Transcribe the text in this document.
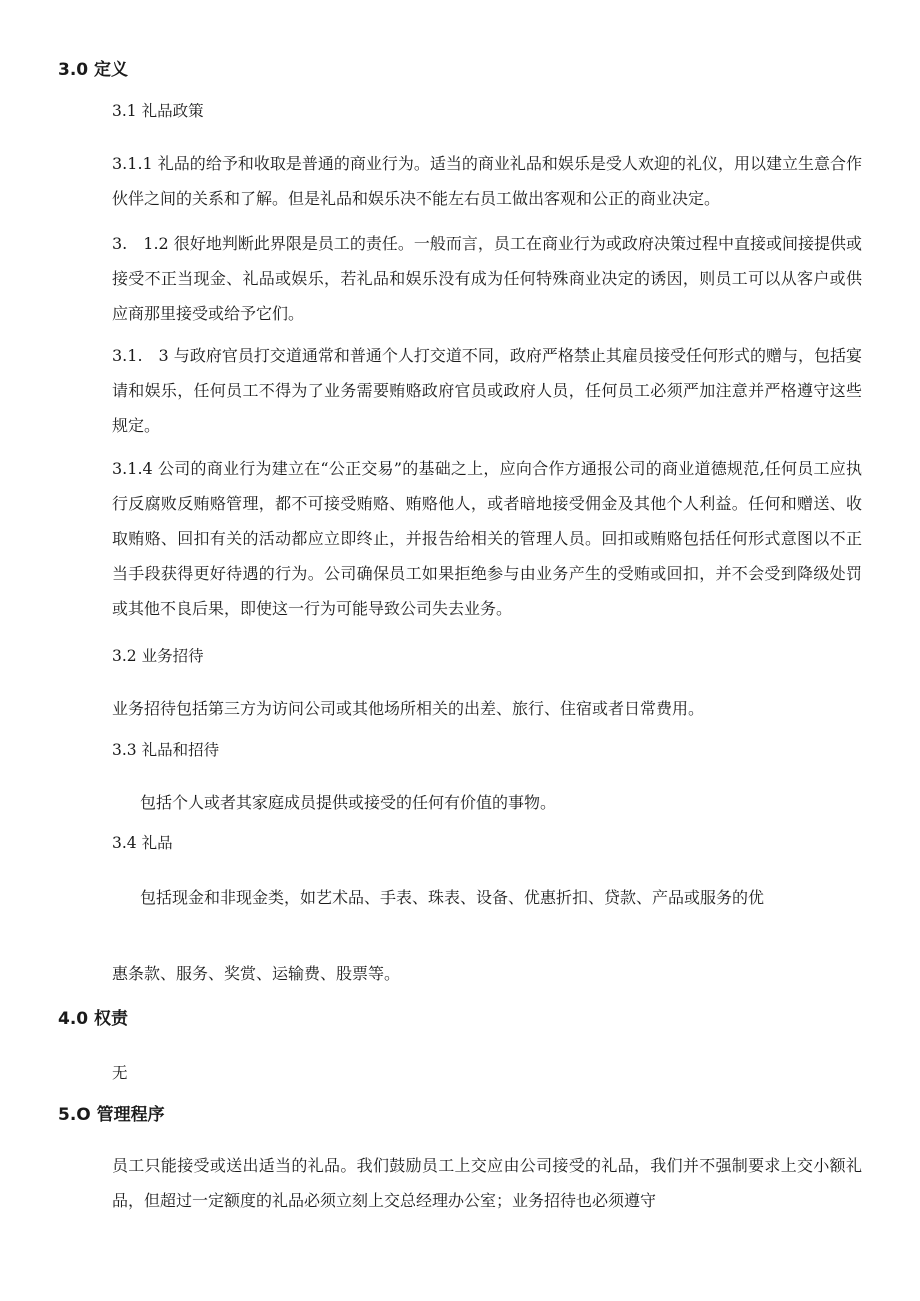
3.0 定义
3.1 礼品政策
3.1.1 礼品的给予和收取是普通的商业行为。适当的商业礼品和娱乐是受人欢迎的礼仪，用以建立生意合作伙伴之间的关系和了解。但是礼品和娱乐决不能左右员工做出客观和公正的商业决定。
3.　1.2 很好地判断此界限是员工的责任。一般而言，员工在商业行为或政府决策过程中直接或间接提供或接受不正当现金、礼品或娱乐，若礼品和娱乐没有成为任何特殊商业决定的诱因，则员工可以从客户或供应商那里接受或给予它们。
3.1.　3 与政府官员打交道通常和普通个人打交道不同，政府严格禁止其雇员接受任何形式的赠与，包括宴请和娱乐，任何员工不得为了业务需要贿赂政府官员或政府人员，任何员工必须严加注意并严格遵守这些规定。
3.1.4 公司的商业行为建立在“公正交易”的基础之上，应向合作方通报公司的商业道德规范,任何员工应执行反腐败反贿赂管理，都不可接受贿赂、贿赂他人，或者暗地接受佣金及其他个人利益。任何和赠送、收取贿赂、回扣有关的活动都应立即终止，并报告给相关的管理人员。回扣或贿赂包括任何形式意图以不正当手段获得更好待遇的行为。公司确保员工如果拒绝参与由业务产生的受贿或回扣，并不会受到降级处罚或其他不良后果，即使这一行为可能导致公司失去业务。
3.2 业务招待
业务招待包括第三方为访问公司或其他场所相关的出差、旅行、住宿或者日常费用。
3.3 礼品和招待
包括个人或者其家庭成员提供或接受的任何有价值的事物。
3.4 礼品
包括现金和非现金类，如艺术品、手表、珠表、设备、优惠折扣、贷款、产品或服务的优
惠条款、服务、奖赏、运输费、股票等。
4.0 权责
无
5.O 管理程序
员工只能接受或送出适当的礼品。我们鼓励员工上交应由公司接受的礼品，我们并不强制要求上交小额礼品，但超过一定额度的礼品必须立刻上交总经理办公室；业务招待也必须遵守
